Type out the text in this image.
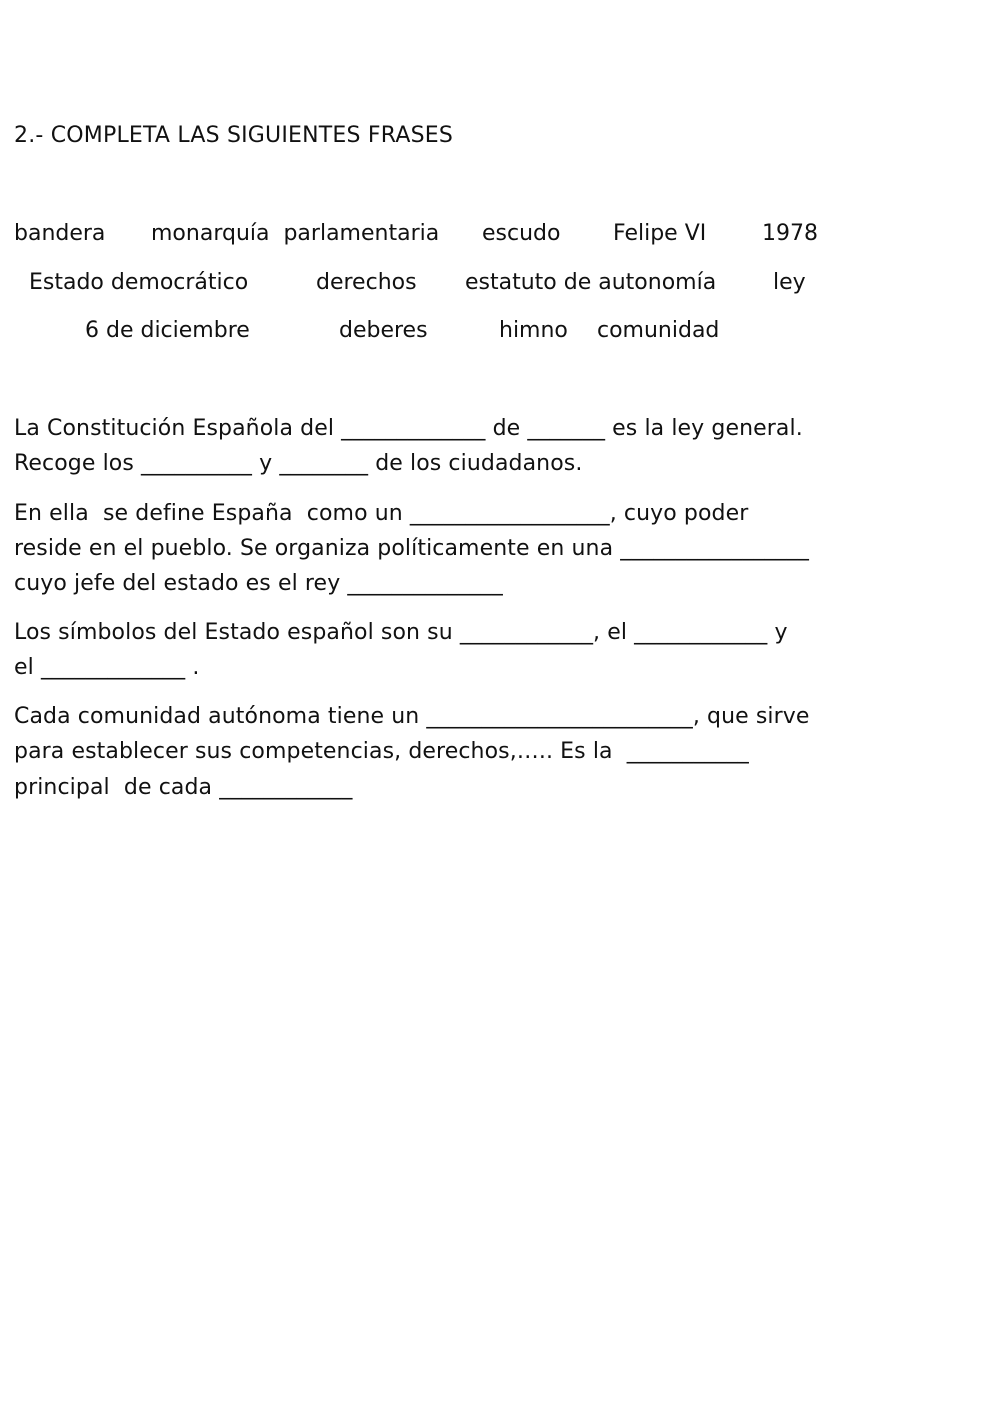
2.- COMPLETA LAS SIGUIENTES FRASES
bandera monarquía  parlamentaria escudo Felipe VI	1978
Estado democrático	derechos estatuto de autonomía	ley
6 de diciembre	deberes	himno comunidad
La Constitución Española del _____________ de _______ es la ley general.
Recoge los __________ y ________ de los ciudadanos.
En ella  se define España  como un __________________, cuyo poder
reside en el pueblo. Se organiza políticamente en una _________________
cuyo jefe del estado es el rey ______________
Los símbolos del Estado español son su ____________, el ____________ y
el _____________ .
Cada comunidad autónoma tiene un ________________________, que sirve
para establecer sus competencias, derechos,….. Es la  ___________
principal  de cada ____________
